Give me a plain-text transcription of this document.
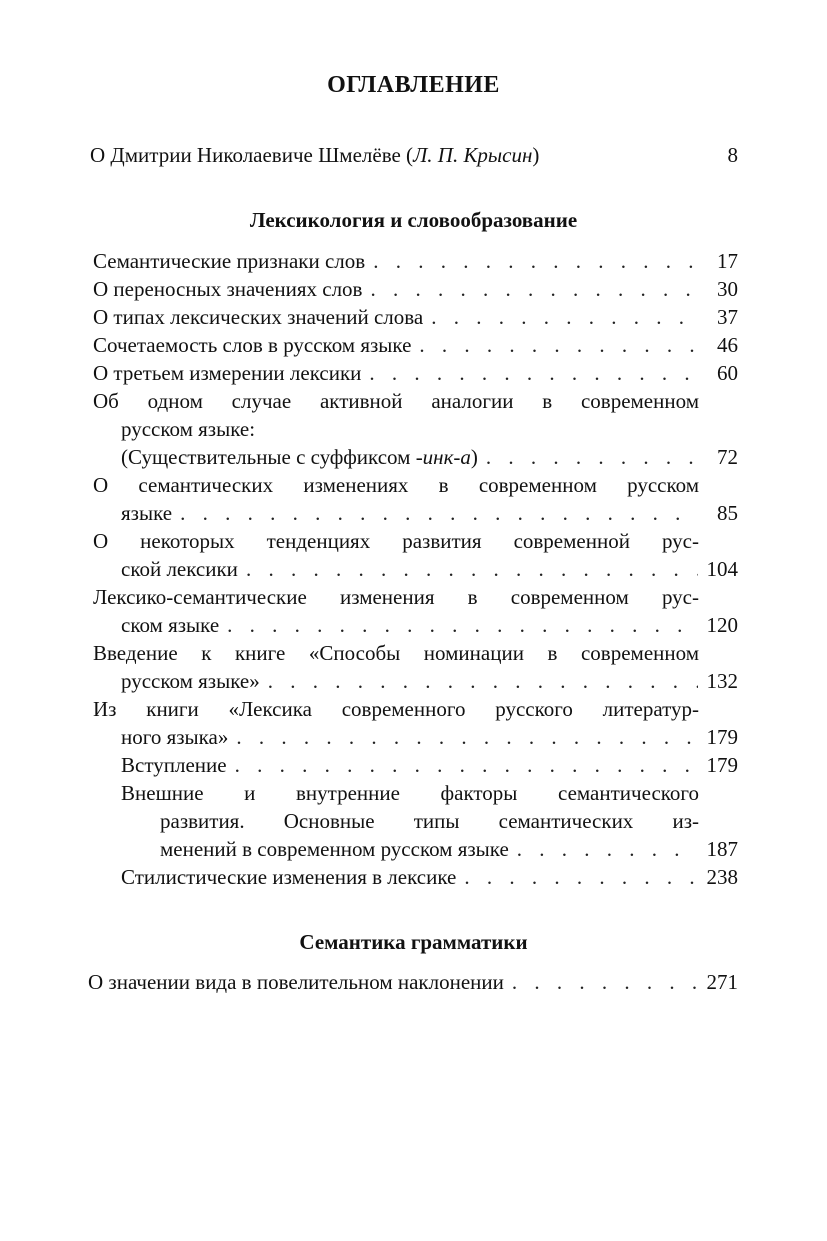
ОГЛАВЛЕНИЕ
О Дмитрии Николаевиче Шмелёве (Л. П. Крысин)	8
Лексикология и словообразование
Семантические признаки слов . . .	17
О переносных значениях слов . . .	30
О типах лексических значений слова . . .	37
Сочетаемость слов в русском языке . . .	46
О третьем измерении лексики . . .	60
Об одном случае активной аналогии в современном
русском языке:
(Существительные с суффиксом -инк-а) . . .	72
О семантических изменениях в современном русском
языке . . .	85
О некоторых тенденциях развития современной рус-
ской лексики . . .	104
Лексико-семантические изменения в современном рус-
ском языке . . .	120
Введение к книге «Способы номинации в современном
русском языке» . . .	132
Из книги «Лексика современного русского литератур-
ного языка» . . .	179
Вступление . . .	179
Внешние и внутренние факторы семантического
развития. Основные типы семантических из-
менений в современном русском языке . . .	187
Стилистические изменения в лексике . . .	238
Семантика грамматики
О значении вида в повелительном наклонении . . .	271
